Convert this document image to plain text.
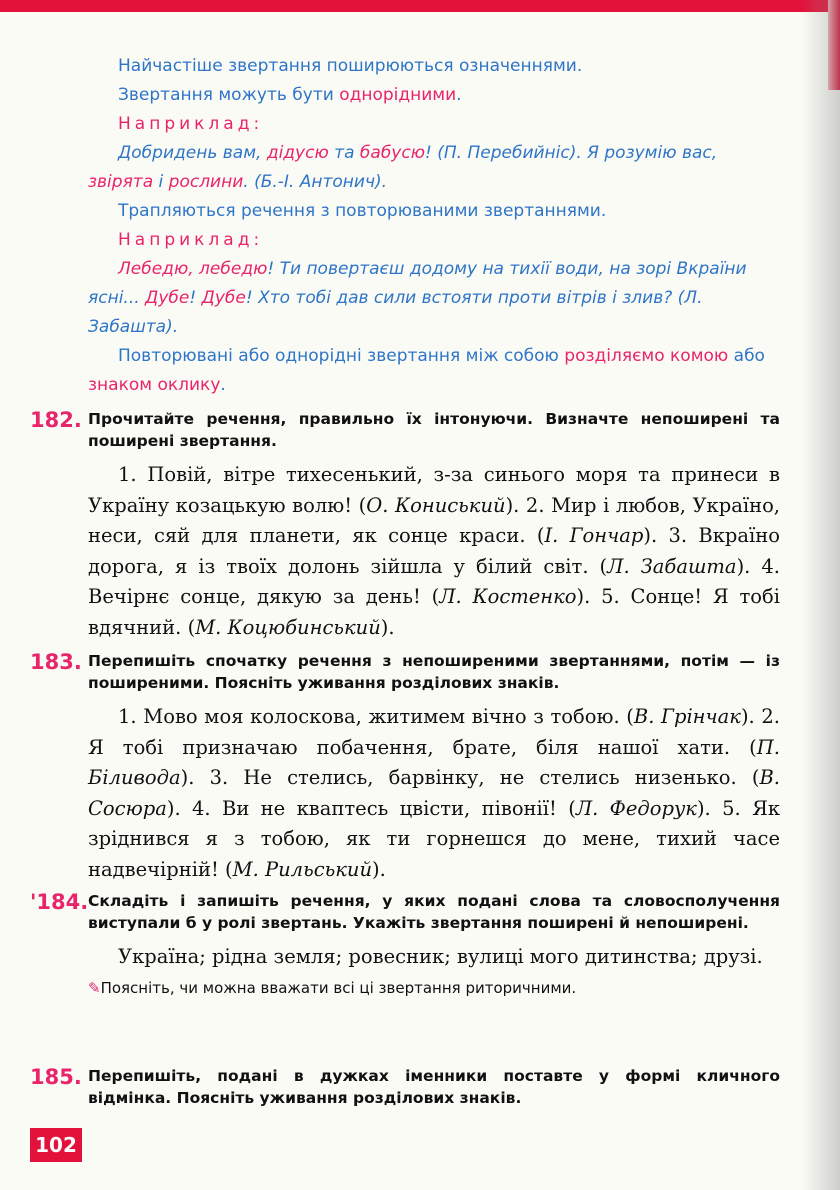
Найчастіше звертання поширюються означеннями.

Звертання можуть бути однорідними.

Наприклад:

Добридень вам, дідусю та бабусю! (П. Перебийніс). Я розумію вас, звірята і рослини. (Б.-І. Антонич).

Трапляються речення з повторюваними звертаннями.

Наприклад:

Лебедю, лебедю! Ти повертаєш додому на тихії води, на зорі Вкраїни ясні... Дубе! Дубе! Хто тобі дав сили встояти проти вітрів і злив? (Л. Забашта).

Повторювані або однорідні звертання між собою розділяємо комою або знаком оклику.

182. Прочитайте речення, правильно їх інтонуючи. Визначте непоширені та поширені звертання.

1. Повій, вітре тихесенький, з-за синього моря та принеси в Україну козацькую волю! (О. Кониський). 2. Мир і любов, Україно, неси, сяй для планети, як сонце краси. (І. Гончар). 3. Вкраїно дорога, я із твоїх долонь зійшла у білий світ. (Л. Забашта). 4. Вечірнє сонце, дякую за день! (Л. Костенко). 5. Сонце! Я тобі вдячний. (М. Коцюбинський).

183. Перепишіть спочатку речення з непоширеними звертаннями, потім — із поширеними. Поясніть уживання розділових знаків.

1. Мово моя колоскова, житимем вічно з тобою. (В. Грінчак). 2. Я тобі призначаю побачення, брате, біля нашої хати. (П. Біливода). 3. Не стелись, барвінку, не стелись низенько. (В. Сосюра). 4. Ви не кваптесь цвісти, півонії! (Л. Федорук). 5. Як зріднився я з тобою, як ти горнешся до мене, тихий часе надвечірній! (М. Рильський).

'184. Складіть і запишіть речення, у яких подані слова та словосполучення виступали б у ролі звертань. Укажіть звертання поширені й непоширені.

Україна; рідна земля; ровесник; вулиці мого дитинства; друзі.

✎Поясніть, чи можна вважати всі ці звертання риторичними.
185. Перепишіть, подані в дужках іменники поставте у формі кличного відмінка. Поясніть уживання розділових знаків.
102
